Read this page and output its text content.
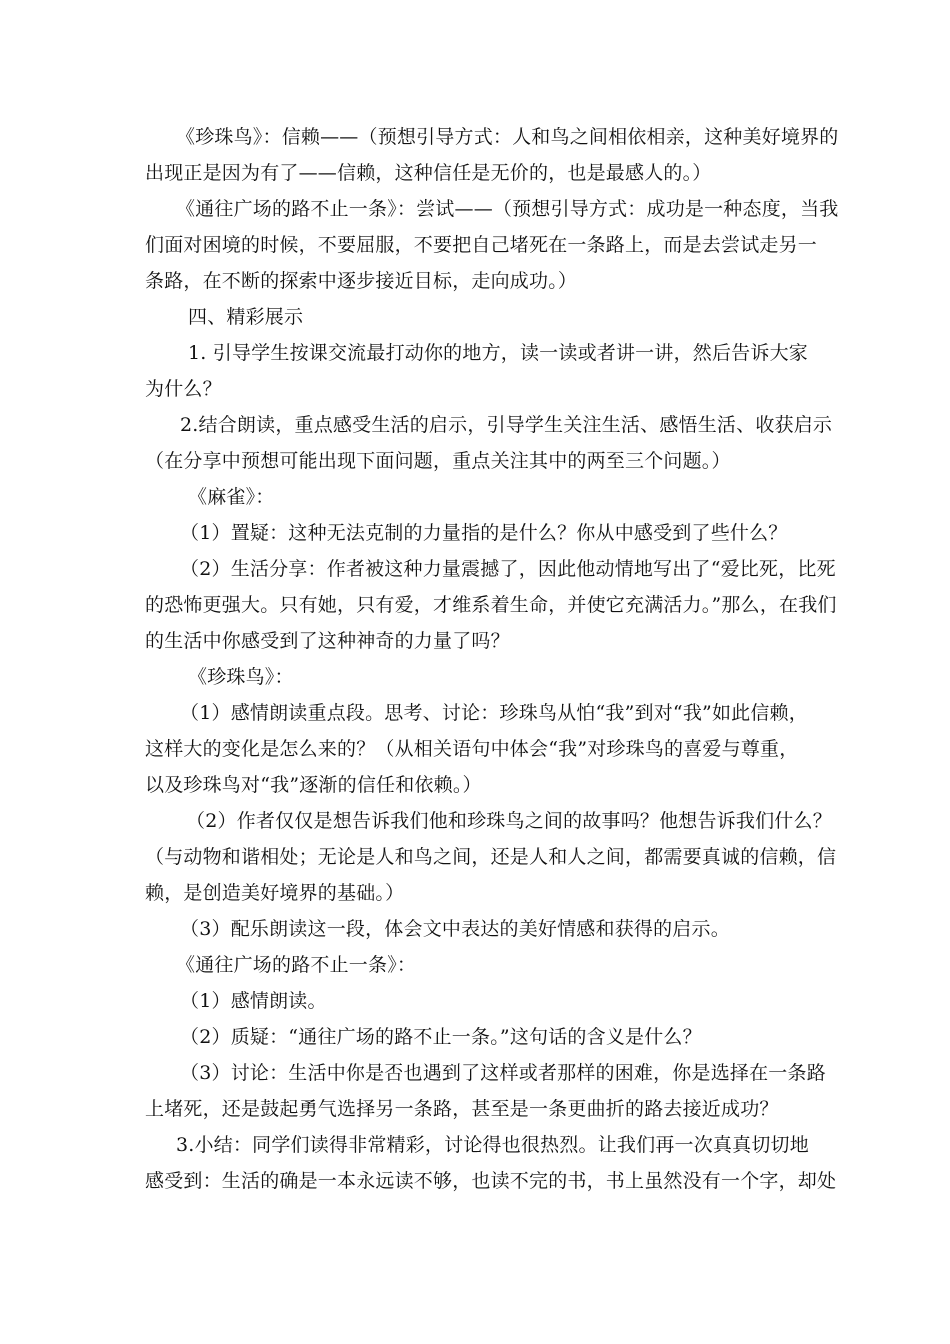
《珍珠鸟》：信赖——（预想引导方式：人和鸟之间相依相亲，这种美好境界的
出现正是因为有了——信赖，这种信任是无价的，也是最感人的。）
《通往广场的路不止一条》：尝试——（预想引导方式：成功是一种态度，当我
们面对困境的时候，不要屈服，不要把自己堵死在一条路上，而是去尝试走另一
条路，在不断的探索中逐步接近目标，走向成功。）
四、精彩展示
1. 引导学生按课交流最打动你的地方，读一读或者讲一讲，然后告诉大家
为什么？
2.结合朗读，重点感受生活的启示，引导学生关注生活、感悟生活、收获启示
（在分享中预想可能出现下面问题，重点关注其中的两至三个问题。）
《麻雀》：
（1）置疑：这种无法克制的力量指的是什么？你从中感受到了些什么？
（2）生活分享：作者被这种力量震撼了，因此他动情地写出了“爱比死，比死
的恐怖更强大。只有她，只有爱，才维系着生命，并使它充满活力。”那么，在我们
的生活中你感受到了这种神奇的力量了吗？
《珍珠鸟》：
（1）感情朗读重点段。思考、讨论：珍珠鸟从怕“我”到对“我”如此信赖，
这样大的变化是怎么来的？（从相关语句中体会“我”对珍珠鸟的喜爱与尊重，
以及珍珠鸟对“我”逐渐的信任和依赖。）
（2）作者仅仅是想告诉我们他和珍珠鸟之间的故事吗？他想告诉我们什么？
（与动物和谐相处；无论是人和鸟之间，还是人和人之间，都需要真诚的信赖，信
赖，是创造美好境界的基础。）
（3）配乐朗读这一段，体会文中表达的美好情感和获得的启示。
《通往广场的路不止一条》：
（1）感情朗读。
（2）质疑：“通往广场的路不止一条。”这句话的含义是什么？
（3）讨论：生活中你是否也遇到了这样或者那样的困难，你是选择在一条路
上堵死，还是鼓起勇气选择另一条路，甚至是一条更曲折的路去接近成功？
3.小结：同学们读得非常精彩，讨论得也很热烈。让我们再一次真真切切地
感受到：生活的确是一本永远读不够，也读不完的书，书上虽然没有一个字，却处
